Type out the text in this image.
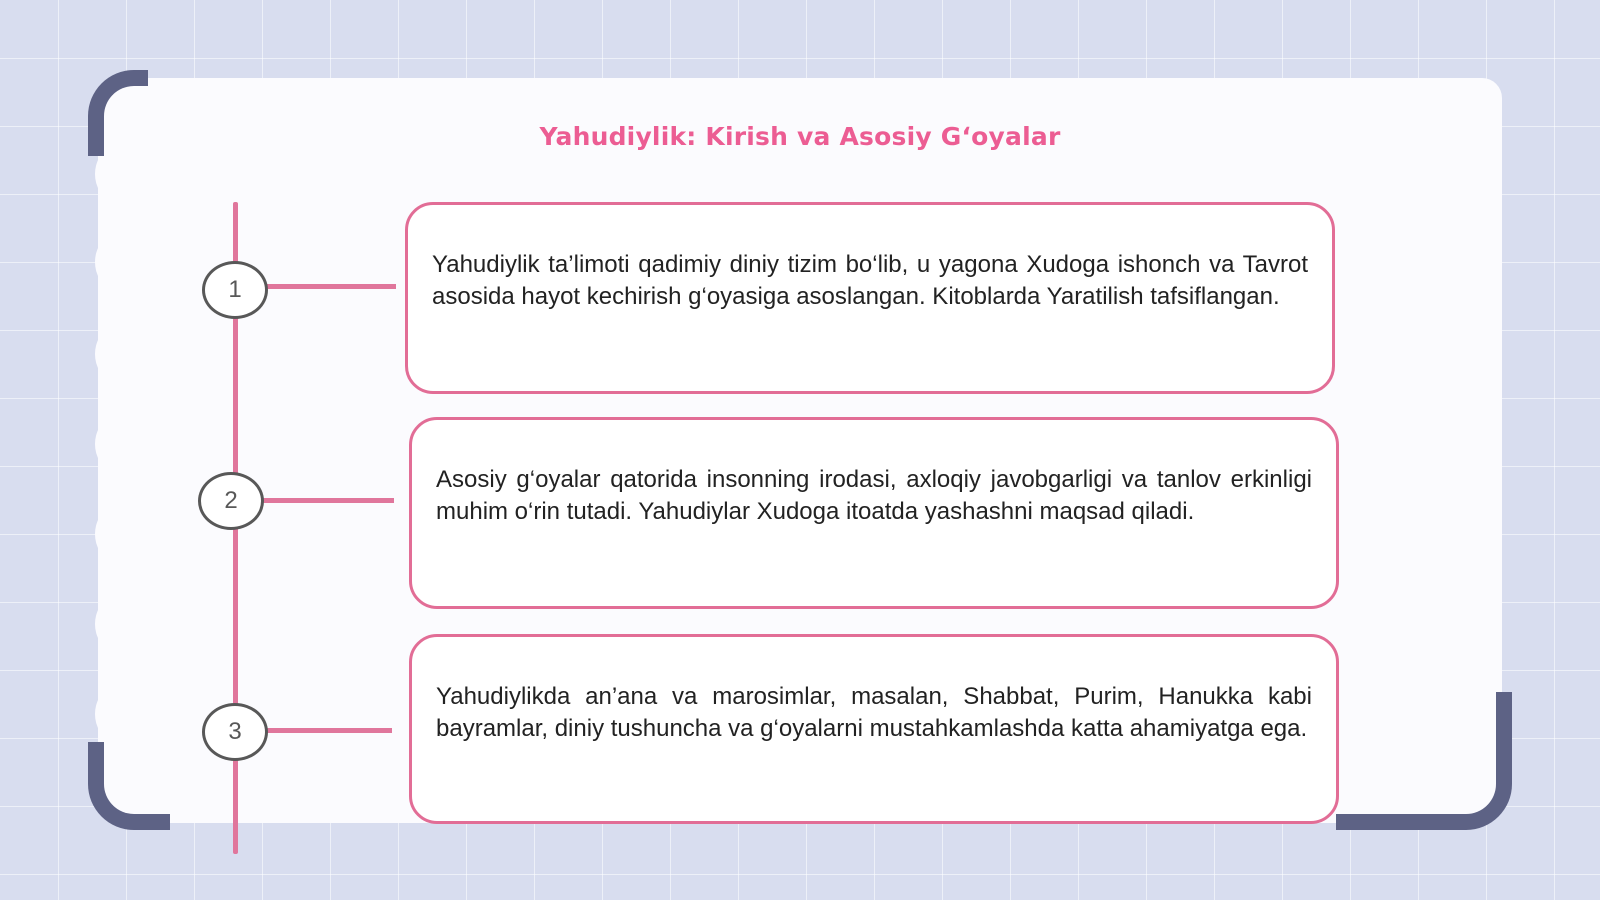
Yahudiylik: Kirish va Asosiy Gʻoyalar
1
2
3
Yahudiylik ta’limoti qadimiy diniy tizim bo‘lib, u yagona Xudoga ishonch va Tavrot asosida hayot kechirish g‘oyasiga asoslangan. Kitoblarda Yaratilish tafsiflangan.
Asosiy g‘oyalar qatorida insonning irodasi, axloqiy javobgarligi va tanlov erkinligi muhim o‘rin tutadi. Yahudiylar Xudoga itoatda yashashni maqsad qiladi.
Yahudiylikda an’ana va marosimlar, masalan, Shabbat, Purim, Hanukka kabi bayramlar, diniy tushuncha va g‘oyalarni mustahkamlashda katta ahamiyatga ega.
